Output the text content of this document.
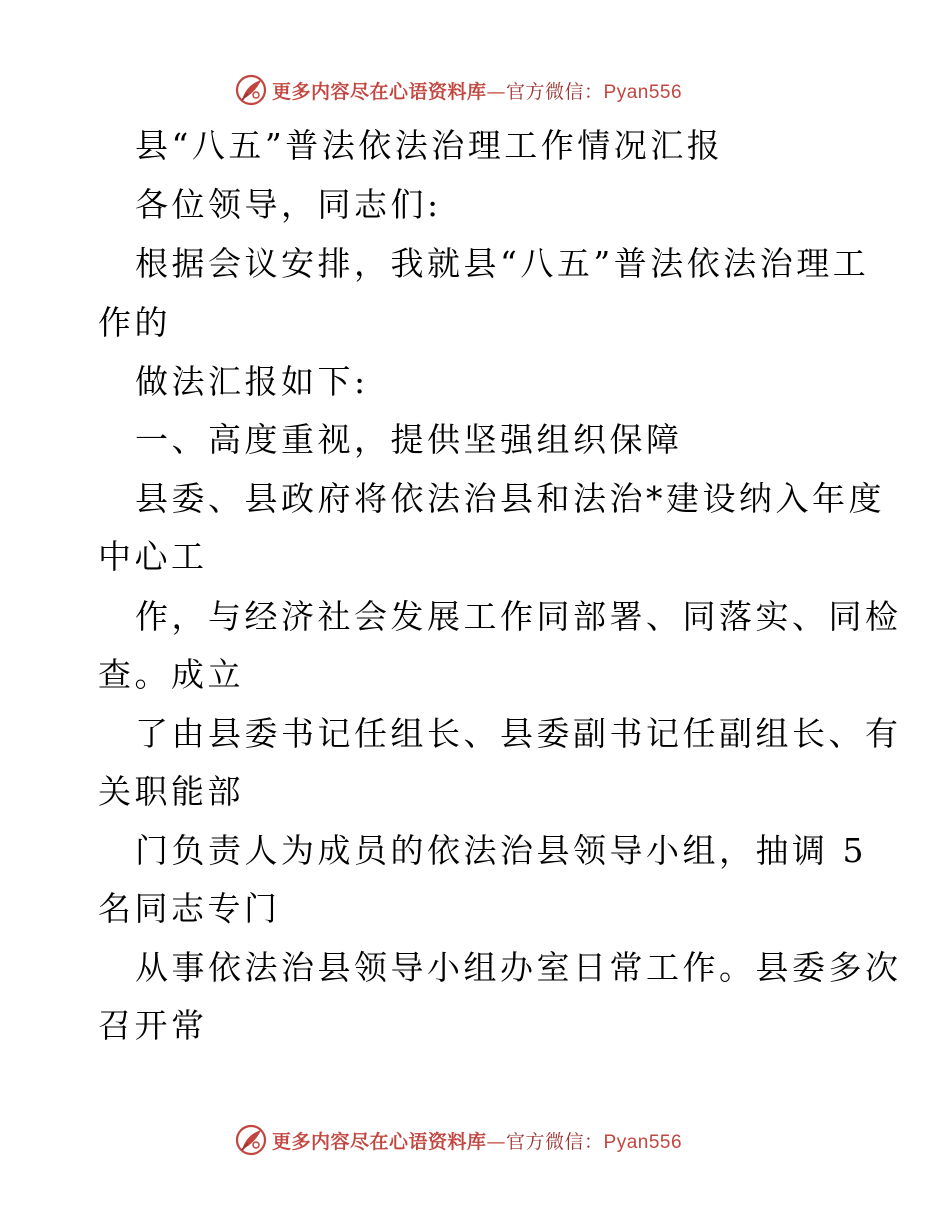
更多内容尽在心语资料库—官方微信：Pyan556
县“八五”普法依法治理工作情况汇报
各位领导，同志们:
根据会议安排，我就县“八五”普法依法治理工
作的
做法汇报如下:
一、高度重视，提供坚强组织保障
县委、县政府将依法治县和法治*建设纳入年度
中心工
作，与经济社会发展工作同部署、同落实、同检
查。成立
了由县委书记任组长、县委副书记任副组长、有
关职能部
门负责人为成员的依法治县领导小组，抽调 5
名同志专门
从事依法治县领导小组办室日常工作。县委多次
召开常
更多内容尽在心语资料库—官方微信：Pyan556
